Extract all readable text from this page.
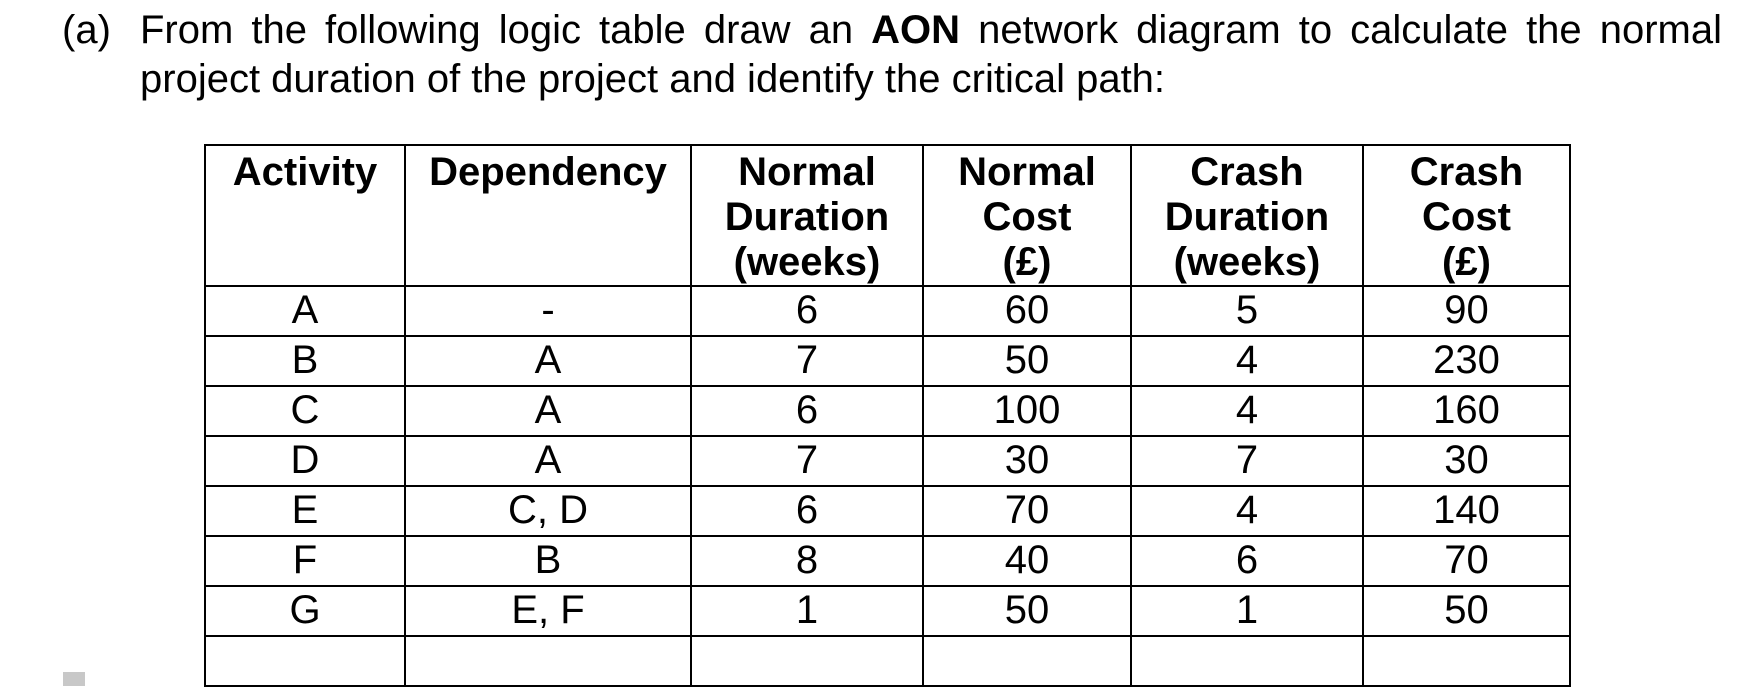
(a) From the following logic table draw an AON network diagram to calculate the normal
project duration of the project and identify the critical path:
Activity	Dependency	Normal
Duration
(weeks)	Normal
Cost
(£)	Crash
Duration
(weeks)	Crash
Cost
(£)

A	-	6	60	5	90
B	A	7	50	4	230
C	A	6	100	4	160
D	A	7	30	7	30
E	C, D	6	70	4	140
F	B	8	40	6	70
G	E, F	1	50	1	50
